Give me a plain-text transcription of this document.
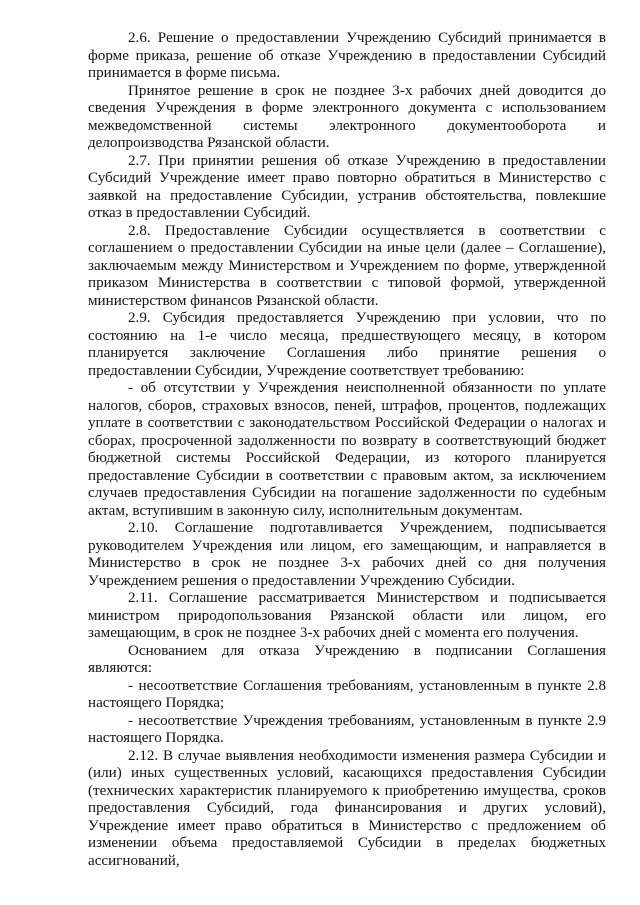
2.6. Решение о предоставлении Учреждению Субсидий принимается в форме приказа, решение об отказе Учреждению в предоставлении Субсидий принимается в форме письма.

Принятое решение в срок не позднее 3-х рабочих дней доводится до сведения Учреждения в форме электронного документа с использованием межведомственной системы электронного документооборота и делопроизводства Рязанской области.

2.7. При принятии решения об отказе Учреждению в предоставлении Субсидий Учреждение имеет право повторно обратиться в Министерство с заявкой на предоставление Субсидии, устранив обстоятельства, повлекшие отказ в предоставлении Субсидий.

2.8. Предоставление Субсидии осуществляется в соответствии с соглашением о предоставлении Субсидии на иные цели (далее – Соглашение), заключаемым между Министерством и Учреждением по форме, утвержденной приказом Министерства в соответствии с типовой формой, утвержденной министерством финансов Рязанской области.

2.9. Субсидия предоставляется Учреждению при условии, что по состоянию на 1-е число месяца, предшествующего месяцу, в котором планируется заключение Соглашения либо принятие решения о предоставлении Субсидии, Учреждение соответствует требованию:

- об отсутствии у Учреждения неисполненной обязанности по уплате налогов, сборов, страховых взносов, пеней, штрафов, процентов, подлежащих уплате в соответствии с законодательством Российской Федерации о налогах и сборах, просроченной задолженности по возврату в соответствующий бюджет бюджетной системы Российской Федерации, из которого планируется предоставление Субсидии в соответствии с правовым актом, за исключением случаев предоставления Субсидии на погашение задолженности по судебным актам, вступившим в законную силу, исполнительным документам.

2.10. Соглашение подготавливается Учреждением, подписывается руководителем Учреждения или лицом, его замещающим, и направляется в Министерство в срок не позднее 3-х рабочих дней со дня получения Учреждением решения о предоставлении Учреждению Субсидии.

2.11. Соглашение рассматривается Министерством и подписывается министром природопользования Рязанской области или лицом, его замещающим, в срок не позднее 3-х рабочих дней с момента его получения.

Основанием для отказа Учреждению в подписании Соглашения являются:

- несоответствие Соглашения требованиям, установленным в пункте 2.8 настоящего Порядка;

- несоответствие Учреждения требованиям, установленным в пункте 2.9 настоящего Порядка.

2.12. В случае выявления необходимости изменения размера Субсидии и (или) иных существенных условий, касающихся предоставления Субсидии (технических характеристик планируемого к приобретению имущества, сроков предоставления Субсидий, года финансирования и других условий), Учреждение имеет право обратиться в Министерство с предложением об изменении объема предоставляемой Субсидии в пределах бюджетных ассигнований,
